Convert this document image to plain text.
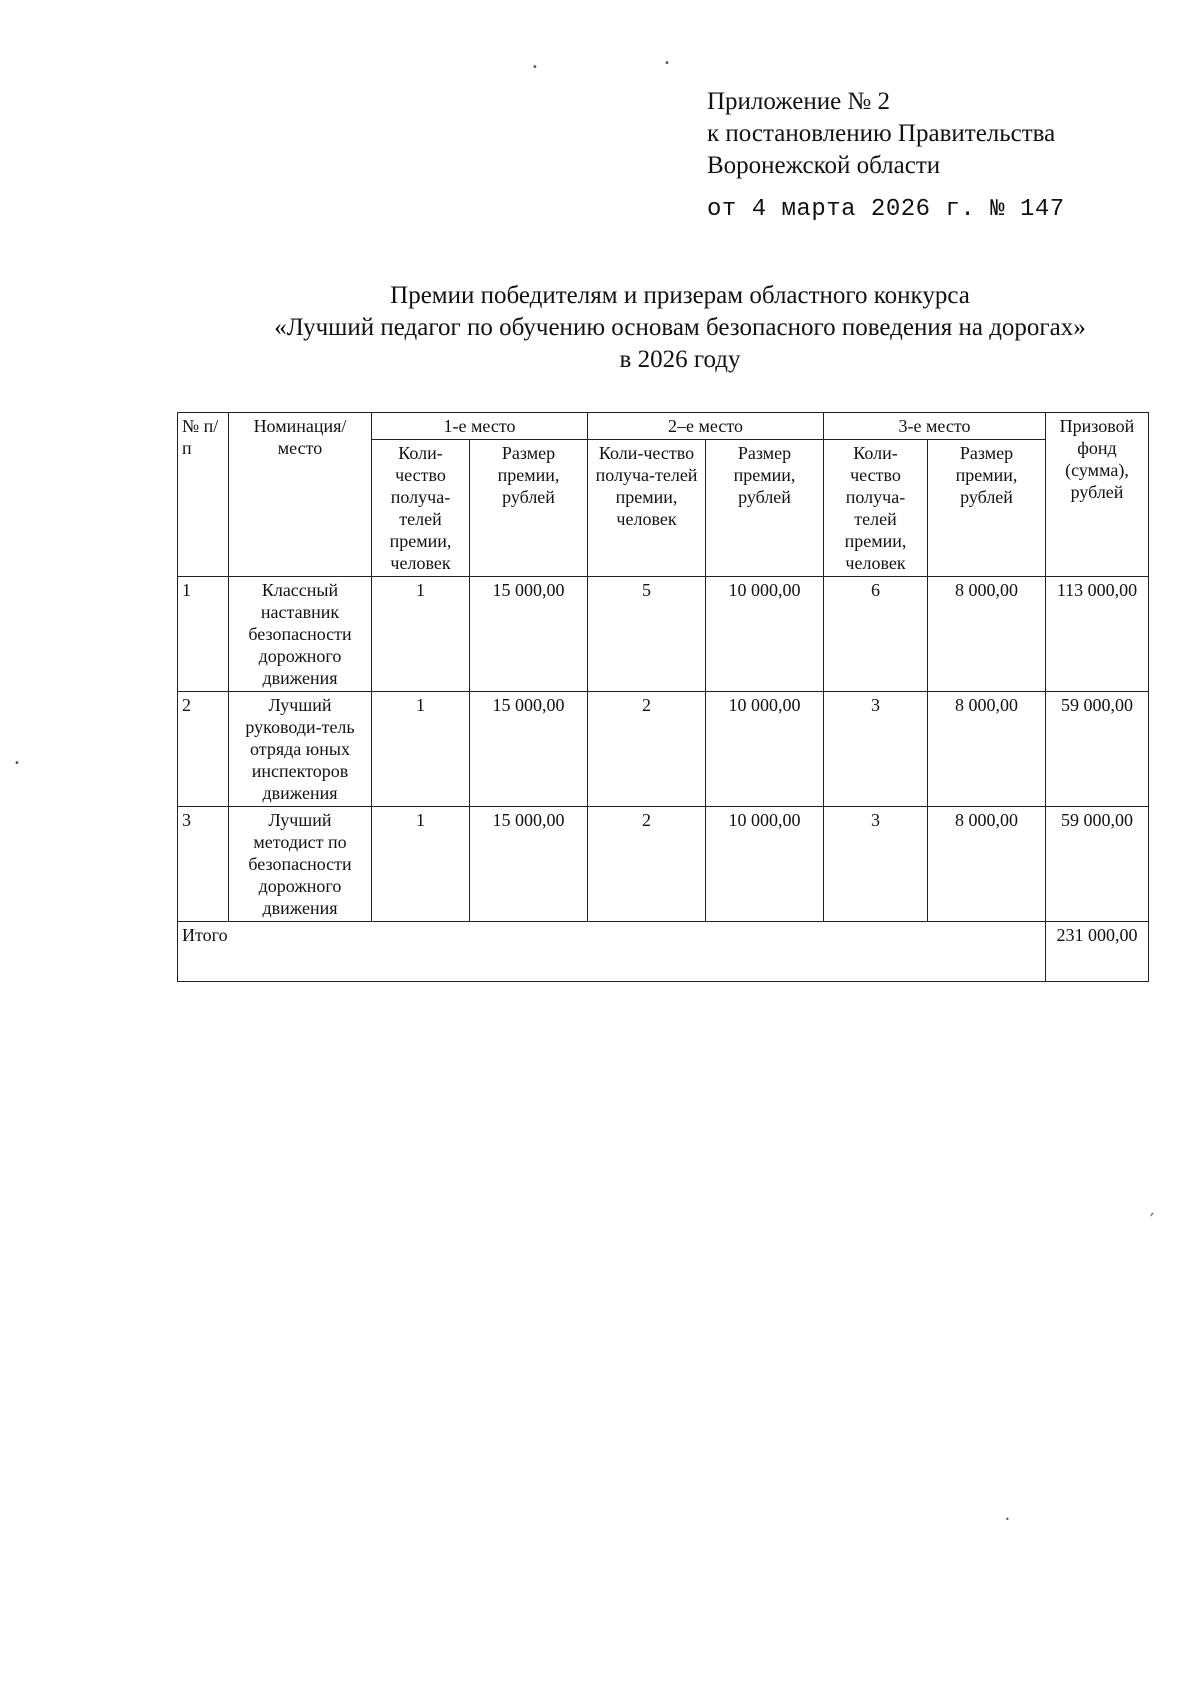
Приложение № 2
к постановлению Правительства
Воронежской области
от 4 марта 2026 г. № 147
Премии победителям и призерам областного конкурса
«Лучший педагог по обучению основам безопасного поведения на дорогах»
в 2026 году
№ п/п	Номинация/ место	1-е место		2–е место		3-е место		Призовой фонд (сумма), рублей
		Коли-чество получа-телей премии, человек	Размер премии, рублей	Коли-чество получа-телей премии, человек	Размер премии, рублей	Коли-чество получа-телей премии, человек	Размер премии, рублей	
1	Классный наставник безопасности дорожного движения	1	15 000,00	5	10 000,00	6	8 000,00	113 000,00
2	Лучший руководи-тель отряда юных инспекторов движения	1	15 000,00	2	10 000,00	3	8 000,00	59 000,00
3	Лучший методист по безопасности дорожного движения	1	15 000,00	2	10 000,00	3	8 000,00	59 000,00
Итого								231 000,00
•	•
•
′
•
